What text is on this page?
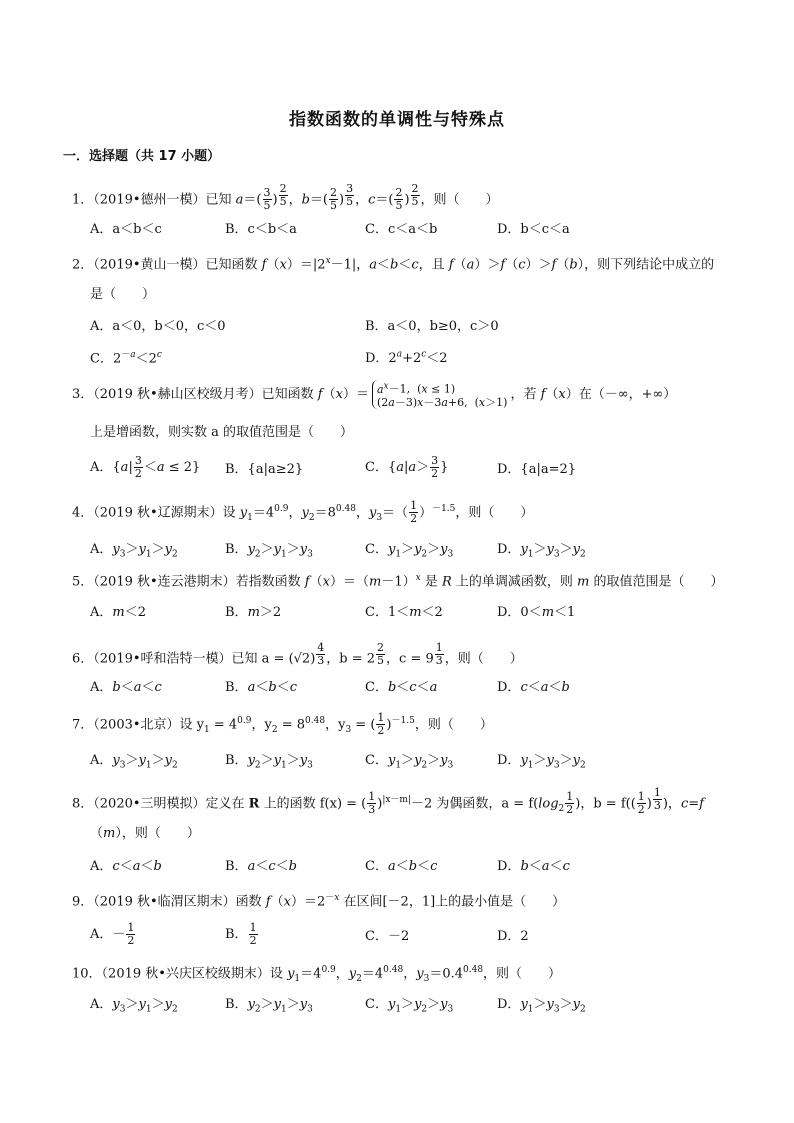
指数函数的单调性与特殊点
一．选择题（共 17 小题）
1．（2019•德州一模）已知 $a=( \frac{3}{5}$ ) $^{\frac{2}{5}}$ ，$b=( \frac{2}{5}$ ) $^{\frac{3}{5}}$ ，$c=( \frac{2}{5}$ ) $^{\frac{2}{5}}$ ，则（　　）
A．a＜b＜c	B．c＜b＜a	C．c＜a＜b	D．b＜c＜a
2．（2019•黄山一模）已知函数 $f(x)=|2^x-1|$，a＜b＜c，且 f（a）＞f（c）＞f（b），则下列结论中成立的
是（　　）
A．a＜0，b＜0，c＜0	B．a＜0，b≥0，c＞0
C．$2^{-a}<2^c$	D．$2^a+2^c<2$
3．（2019 秋•赫山区校级月考）已知函数 $f(x)= a^x-1$,  (x ≤ 1)
(2a－3)x－3a+6,  (x＞1)
，若 f（x）在（－∞，+∞）
上是增函数，则实数 a 的取值范围是（　　）
A．$\{a| \frac{3}{2} <a \le 2\}$ B．{a|a≥2}	C．{$a|a> \frac{3}{2}$ }	D．{a|a=2}
4．（2019 秋•辽源期末）设 $y_1=4^{0.9}$，$y_2=8^{0.48}$，$y_3=( \frac{1}{2} )^{-1.5}$，则（　　）
A．$y_3>y_1>y_2$	B．$y_2>y_1>y_3$	C．$y_1>y_2>y_3$	D．$y_1>y_3>y_2$
5．（2019 秋•连云港期末）若指数函数 $f(x)=(m-1)^x$ 是 R 上的单调减函数，则 m 的取值范围是（　　）
A．m＜2	B．m＞2	C．1＜m＜2	D．0＜m＜1
6．（2019•呼和浩特一模）已知 a = (√2) $^{\frac{4}{3}}$ ，b = 2 $^{\frac{2}{5}}$ ，c = 9 $^{\frac{1}{3}}$ ，则（　　）
A．b＜a＜c	B．a＜b＜c	C．b＜c＜a	D．c＜a＜b
7．（2003•北京）设 $y_1 = 4^{0.9}$，$y_2 = 8^{0.48}$，$y_3$ = ( $\frac{1}{2} )^{-1.5}$，则（　　）
A．$y_3>y_1>y_2$	B．$y_2>y_1>y_3$	C．$y_1>y_2>y_3$	D．$y_1>y_3>y_2$
8．（2020•三明模拟）定义在 R 上的函数 f(x) = ( $\frac{1}{3} )^{|x-m|}-2$ 为偶函数，$a = f(\log_2 \frac{1}{2}$ )，$b = f(( \frac{1}{2}$ ) $^{\frac{1}{3}}$ )，c=f
（m），则（　　）
A．c＜a＜b	B．a＜c＜b	C．a＜b＜c	D．b＜a＜c
9．（2019 秋•临渭区期末）函数 $f(x)=2^{-x}$ 在区间[－2，1]上的最小值是（　　）
A．－ $\frac{1}{2}$	B． $\frac{1}{2}$	C．－2	D．2
10．（2019 秋•兴庆区校级期末）设 $y_1=4^{0.9}$，$y_2=4^{0.48}$，$y_3=0.4^{0.48}$，则（　　）
A．$y_3>y_1>y_2$	B．$y_2>y_1>y_3$	C．$y_1>y_2>y_3$	D．$y_1>y_3>y_2$
